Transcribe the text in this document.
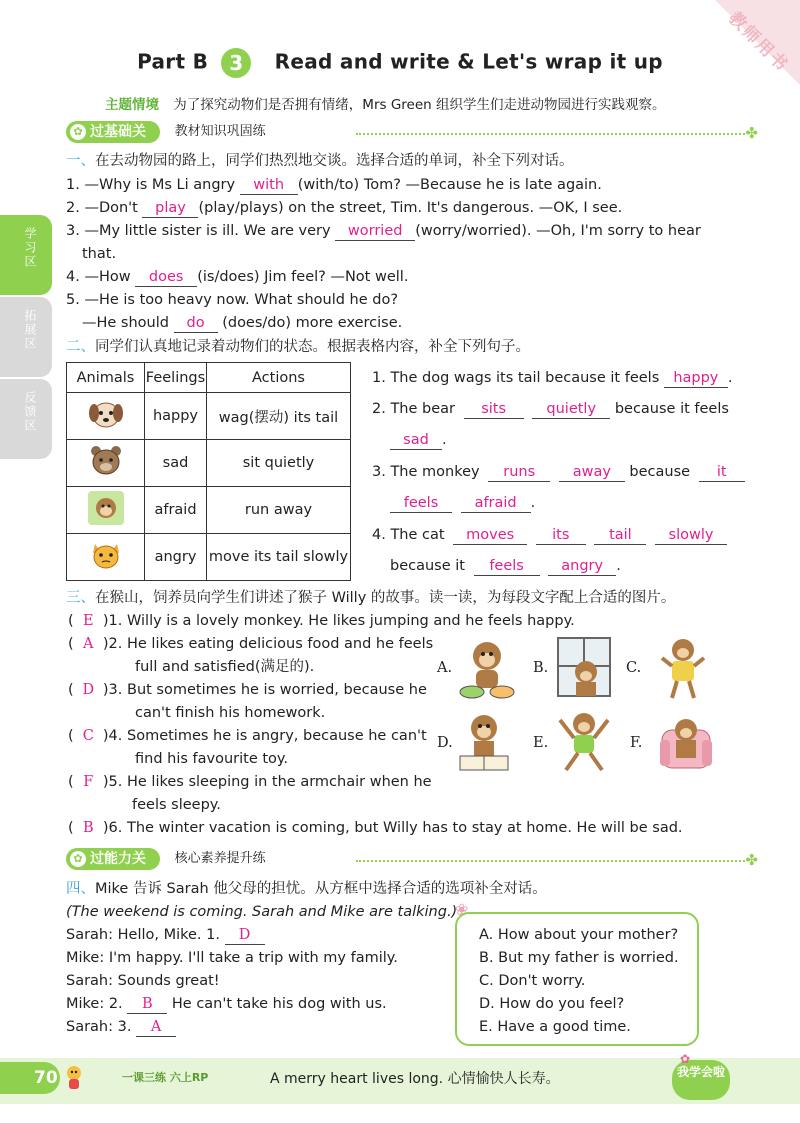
教师用书
Part B 3 Read and write & Let's wrap it up
主题情境 为了探究动物们是否拥有情绪，Mrs Green 组织学生们走进动物园进行实践观察。
✿ 过基础关 教材知识巩固练	✤
学习区
拓展区
反馈区
一、在去动物园的路上，同学们热烈地交谈。选择合适的单词，补全下列对话。
1. —Why is Ms Li angry with (with/to) Tom? —Because he is late again.
2. —Don't play (play/plays) on the street, Tim. It's dangerous. —OK, I see.
3. —My little sister is ill. We are very worried (worry/worried). —Oh, I'm sorry to hear
that.
4. —How does (is/does) Jim feel? —Not well.
5. —He is too heavy now. What should he do?
—He should do (does/do) more exercise.
二、同学们认真地记录着动物们的状态。根据表格内容，补全下列句子。
Animals	Feelings	Actions
	happy	wag(摆动) its tail
	sad	sit quietly
	afraid	run away
	angry	move its tail slowly
1. The dog wags its tail because it feels happy .
2. The bear sits	quietly because it feels
sad .
3. The monkey runs	away because it
feels	afraid .
4. The cat moves	its	tail	slowly
because it feels	angry .
三、在猴山，饲养员向学生们讲述了猴子 Willy 的故事。读一读，为每段文字配上合适的图片。
( E )1. Willy is a lovely monkey. He likes jumping and he feels happy.
( A )2. He likes eating delicious food and he feels
full and satisfied(满足的).
( D )3. But sometimes he is worried, because he
can't finish his homework.
( C )4. Sometimes he is angry, because he can't
find his favourite toy.
( F )5. He likes sleeping in the armchair when he
feels sleepy.
( B )6. The winter vacation is coming, but Willy has to stay at home. He will be sad.
A.	B.	C.
D.	E.	F.
✿ 过能力关 核心素养提升练	✤
四、Mike 告诉 Sarah 他父母的担忧。从方框中选择合适的选项补全对话。
(The weekend is coming. Sarah and Mike are talking.)
Sarah: Hello, Mike. 1. D
Mike: I'm happy. I'll take a trip with my family.
Sarah: Sounds great!
Mike: 2. B He can't take his dog with us.
Sarah: 3. A
❀
A. How about your mother?
B. But my father is worried.
C. Don't worry.
D. How do you feel?
E. Have a good time.
70	一课三练 六上RP	A merry heart lives long. 心情愉快人长寿。	我学会啦
✿
